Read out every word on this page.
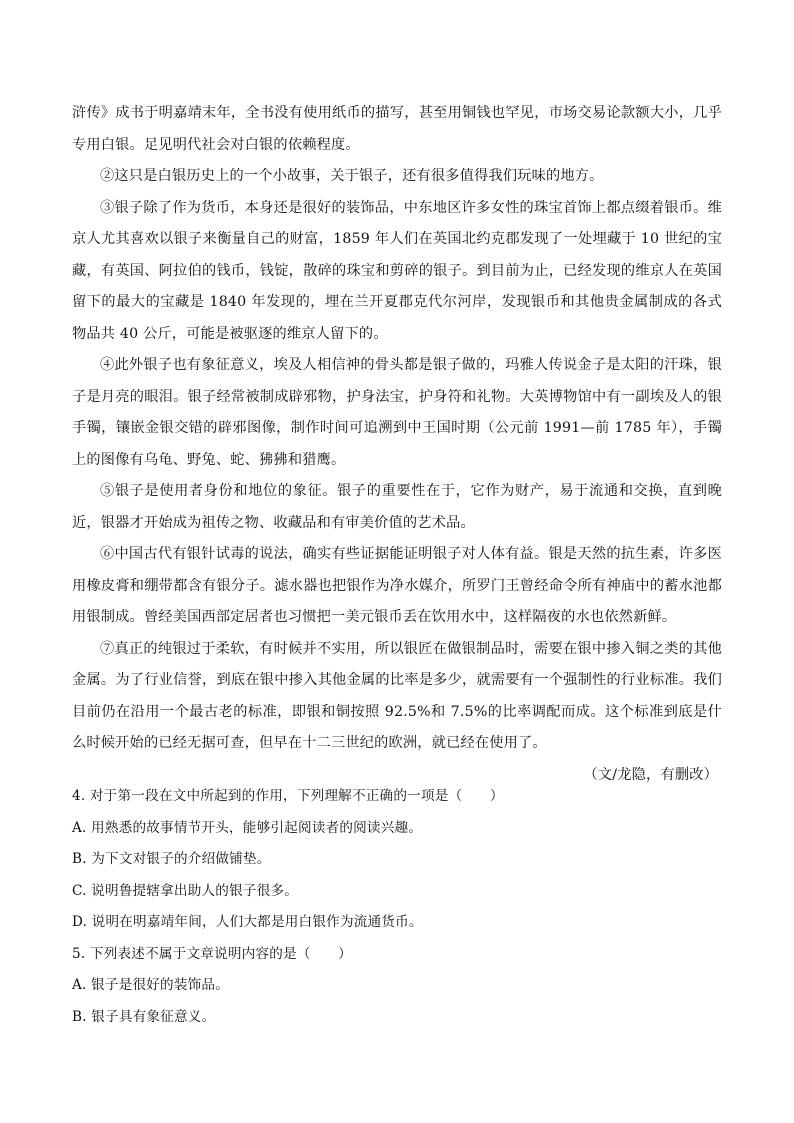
浒传》成书于明嘉靖末年，全书没有使用纸币的描写，甚至用铜钱也罕见，市场交易论款额大小，几乎专用白银。足见明代社会对白银的依赖程度。

②这只是白银历史上的一个小故事，关于银子，还有很多值得我们玩味的地方。

③银子除了作为货币，本身还是很好的装饰品，中东地区许多女性的珠宝首饰上都点缀着银币。维京人尤其喜欢以银子来衡量自己的财富，1859 年人们在英国北约克郡发现了一处埋藏于 10 世纪的宝藏，有英国、阿拉伯的钱币，钱锭，散碎的珠宝和剪碎的银子。到目前为止，已经发现的维京人在英国留下的最大的宝藏是 1840 年发现的，埋在兰开夏郡克代尔河岸，发现银币和其他贵金属制成的各式物品共 40 公斤，可能是被驱逐的维京人留下的。

④此外银子也有象征意义，埃及人相信神的骨头都是银子做的，玛雅人传说金子是太阳的汗珠，银子是月亮的眼泪。银子经常被制成辟邪物，护身法宝，护身符和礼物。大英博物馆中有一副埃及人的银手镯，镶嵌金银交错的辟邪图像，制作时间可追溯到中王国时期（公元前 1991—前 1785 年），手镯上的图像有乌龟、野兔、蛇、狒狒和猎鹰。

⑤银子是使用者身份和地位的象征。银子的重要性在于，它作为财产，易于流通和交换，直到晚近，银器才开始成为祖传之物、收藏品和有审美价值的艺术品。

⑥中国古代有银针试毒的说法，确实有些证据能证明银子对人体有益。银是天然的抗生素，许多医用橡皮膏和绷带都含有银分子。滤水器也把银作为净水媒介，所罗门王曾经命令所有神庙中的蓄水池都用银制成。曾经美国西部定居者也习惯把一美元银币丢在饮用水中，这样隔夜的水也依然新鲜。

⑦真正的纯银过于柔软，有时候并不实用，所以银匠在做银制品时，需要在银中掺入铜之类的其他金属。为了行业信誉，到底在银中掺入其他金属的比率是多少，就需要有一个强制性的行业标准。我们目前仍在沿用一个最古老的标准，即银和铜按照 92.5%和 7.5%的比率调配而成。这个标准到底是什么时候开始的已经无据可查，但早在十二三世纪的欧洲，就已经在使用了。

（文/龙隐，有删改）

4. 对于第一段在文中所起到的作用，下列理解不正确的一项是（　　）

A. 用熟悉的故事情节开头，能够引起阅读者的阅读兴趣。

B. 为下文对银子的介绍做铺垫。

C. 说明鲁提辖拿出助人的银子很多。

D. 说明在明嘉靖年间，人们大都是用白银作为流通货币。

5. 下列表述不属于文章说明内容的是（　　）

A. 银子是很好的装饰品。

B. 银子具有象征意义。
